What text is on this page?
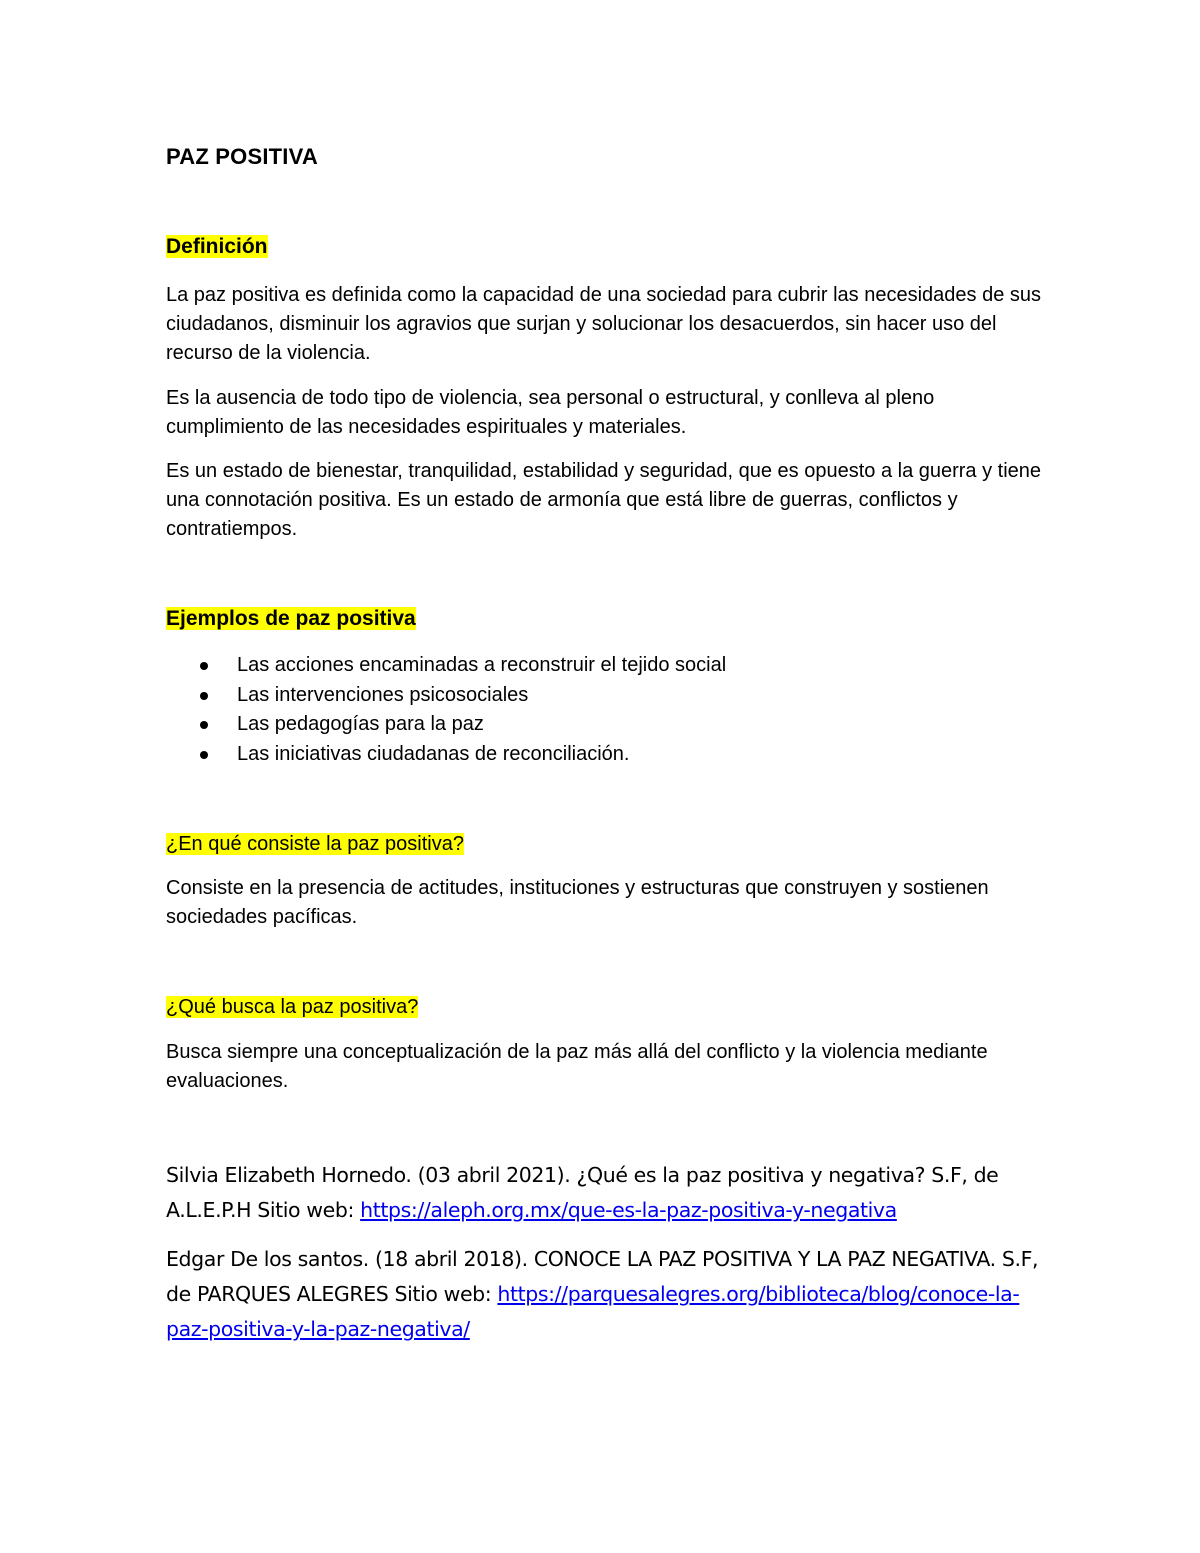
PAZ POSITIVA
Definición

La paz positiva es definida como la capacidad de una sociedad para cubrir las necesidades de sus ciudadanos, disminuir los agravios que surjan y solucionar los desacuerdos, sin hacer uso del recurso de la violencia.

Es la ausencia de todo tipo de violencia, sea personal o estructural, y conlleva al pleno cumplimiento de las necesidades espirituales y materiales.

Es un estado de bienestar, tranquilidad, estabilidad y seguridad, que es opuesto a la guerra y tiene una connotación positiva. Es un estado de armonía que está libre de guerras, conflictos y contratiempos.

Ejemplos de paz positiva
Las acciones encaminadas a reconstruir el tejido social
Las intervenciones psicosociales
Las pedagogías para la paz
Las iniciativas ciudadanas de reconciliación.
¿En qué consiste la paz positiva?

Consiste en la presencia de actitudes, instituciones y estructuras que construyen y sostienen sociedades pacíficas.

¿Qué busca la paz positiva?

Busca siempre una conceptualización de la paz más allá del conflicto y la violencia mediante evaluaciones.

Silvia Elizabeth Hornedo. (03 abril 2021). ¿Qué es la paz positiva y negativa? S.F, de A.L.E.P.H Sitio web: https://aleph.org.mx/que-es-la-paz-positiva-y-negativa

Edgar De los santos. (18 abril 2018). CONOCE LA PAZ POSITIVA Y LA PAZ NEGATIVA. S.F, de PARQUES ALEGRES Sitio web: https://parquesalegres.org/biblioteca/blog/conoce-la-paz-positiva-y-la-paz-negativa/
